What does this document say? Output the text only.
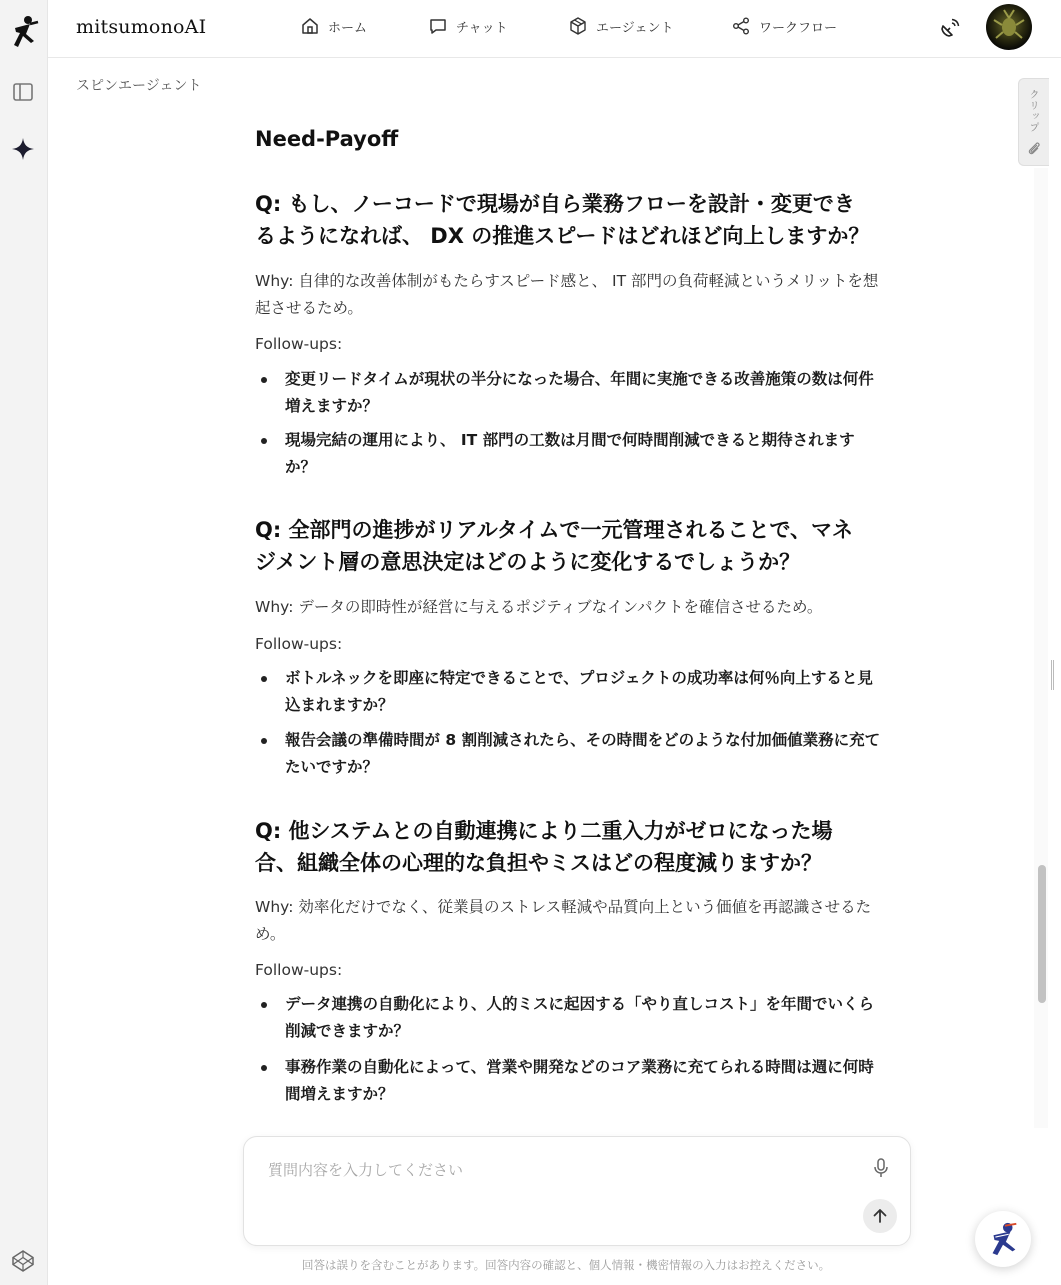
mitsumonoAI	ホーム	チャット	エージェント	ワークフロー
スピンエージェント
Need-Payoff
Q: もし、ノーコードで現場が自ら業務フローを設計・変更でき
るようになれば、 DX の推進スピードはどれほど向上しますか？
Why: 自律的な改善体制がもたらすスピード感と、 IT 部門の負荷軽減というメリットを想
起させるため。
Follow-ups:
変更リードタイムが現状の半分になった場合、年間に実施できる改善施策の数は何件
増えますか？
現場完結の運用により、 IT 部門の工数は月間で何時間削減できると期待されます
か？
Q: 全部門の進捗がリアルタイムで一元管理されることで、マネ
ジメント層の意思決定はどのように変化するでしょうか？
Why: データの即時性が経営に与えるポジティブなインパクトを確信させるため。
Follow-ups:
ボトルネックを即座に特定できることで、プロジェクトの成功率は何％向上すると見
込まれますか？
報告会議の準備時間が 8 割削減されたら、その時間をどのような付加価値業務に充て
たいですか？
Q: 他システムとの自動連携により二重入力がゼロになった場
合、組織全体の心理的な負担やミスはどの程度減りますか？
Why: 効率化だけでなく、従業員のストレス軽減や品質向上という価値を再認識させるた
め。
Follow-ups:
データ連携の自動化により、人的ミスに起因する「やり直しコスト」を年間でいくら
削減できますか？
事務作業の自動化によって、営業や開発などのコア業務に充てられる時間は週に何時
間増えますか？
クリップ
質問内容を入力してください
回答は誤りを含むことがあります。回答内容の確認と、個人情報・機密情報の入力はお控えください。
